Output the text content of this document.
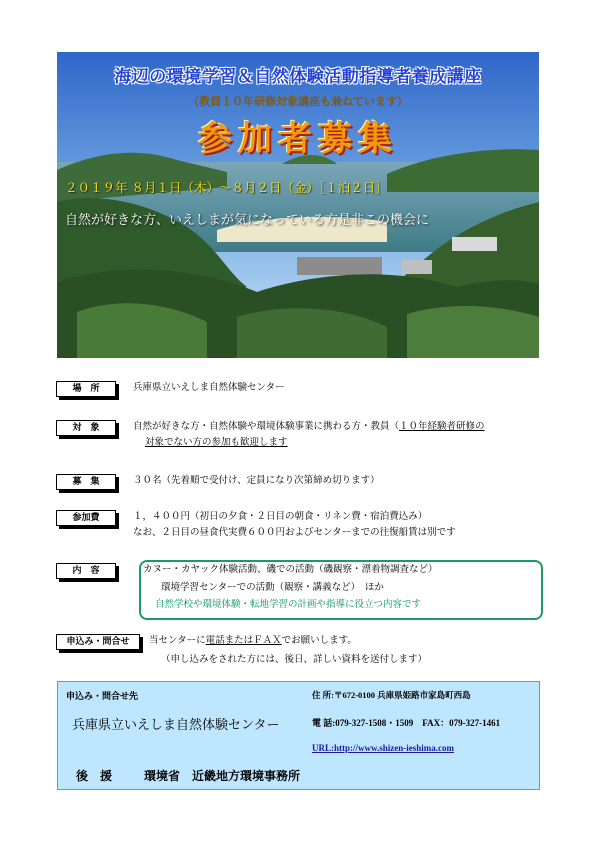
海辺の環境学習＆自然体験活動指導者養成講座
（教員１０年研修対象講座も兼ねています）
参加者募集
２０１９年 ８月１日（木）～８月２日（金）［１泊２日］
自然が好きな方、いえしまが気になっている方是非この機会に
場　所	兵庫県立いえしま自然体験センター
対　象	自然が好きな方・自然体験や環境体験事業に携わる方・教員（１０年経験者研修の
対象でない方の参加も歓迎します
募　集	３０名（先着順で受付け、定員になり次第締め切ります）
参加費	１，４００円（初日の夕食・２日目の朝食・リネン費・宿泊費込み）
なお、２日目の昼食代実費６００円およびセンターまでの往復船賃は別です
内　容	カヌー・カヤック体験活動、磯での活動（磯観察・漂着物調査など）
環境学習センターでの活動（観察・講義など）　ほか
自然学校や環境体験・転地学習の計画や指導に役立つ内容です
申込み・問合せ	当センターに電話またはＦＡＸでお願いします。
（申し込みをされた方には、後日、詳しい資料を送付します）
申込み・問合せ先	住 所:〒672-0100 兵庫県姫路市家島町西島
兵庫県立いえしま自然体験センター	電 話:079-327-1508・1509　FAX：079-327-1461
URL:http://www.shizen-ieshima.com
後　援	環境省　近畿地方環境事務所
